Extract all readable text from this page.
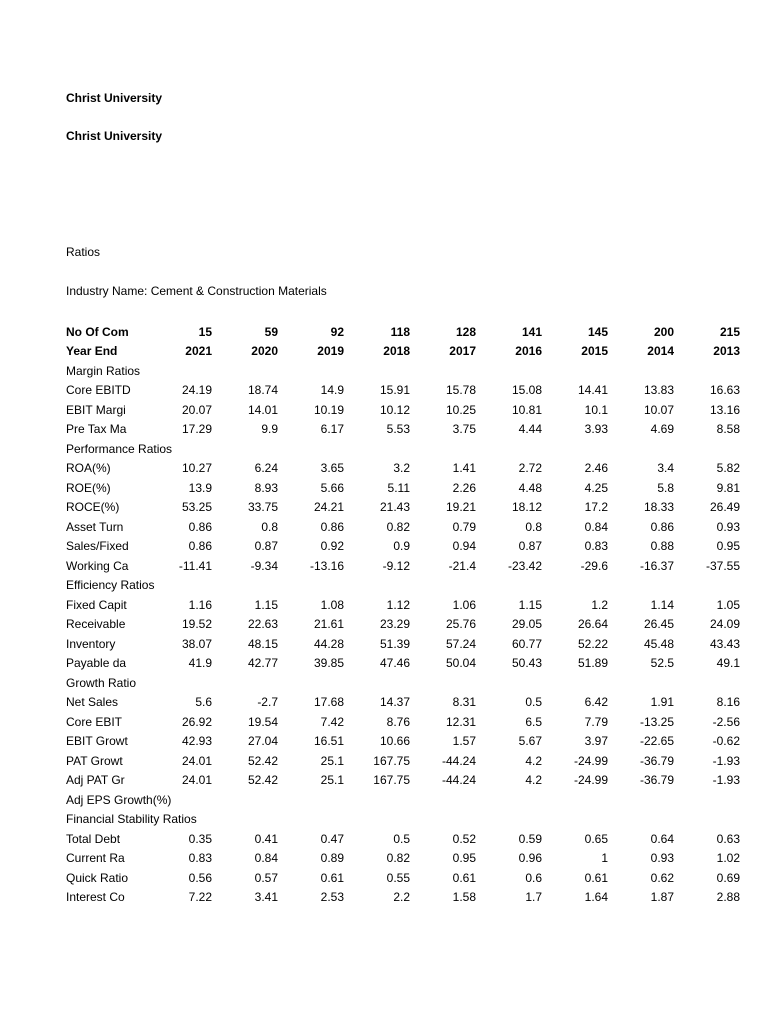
Christ University
Christ University
Ratios
Industry Name: Cement & Construction Materials
No Of Com	15	59	92	118	128	141	145	200	215
Year End	2021	2020	2019	2018	2017	2016	2015	2014	2013
Margin Ratios									
Core EBITD	24.19	18.74	14.9	15.91	15.78	15.08	14.41	13.83	16.63
EBIT Margi	20.07	14.01	10.19	10.12	10.25	10.81	10.1	10.07	13.16
Pre Tax Ma	17.29	9.9	6.17	5.53	3.75	4.44	3.93	4.69	8.58
Performance Ratios									
ROA(%)	10.27	6.24	3.65	3.2	1.41	2.72	2.46	3.4	5.82
ROE(%)	13.9	8.93	5.66	5.11	2.26	4.48	4.25	5.8	9.81
ROCE(%)	53.25	33.75	24.21	21.43	19.21	18.12	17.2	18.33	26.49
Asset Turn	0.86	0.8	0.86	0.82	0.79	0.8	0.84	0.86	0.93
Sales/Fixed	0.86	0.87	0.92	0.9	0.94	0.87	0.83	0.88	0.95
Working Ca	-11.41	-9.34	-13.16	-9.12	-21.4	-23.42	-29.6	-16.37	-37.55
Efficiency Ratios									
Fixed Capit	1.16	1.15	1.08	1.12	1.06	1.15	1.2	1.14	1.05
Receivable	19.52	22.63	21.61	23.29	25.76	29.05	26.64	26.45	24.09
Inventory	38.07	48.15	44.28	51.39	57.24	60.77	52.22	45.48	43.43
Payable da	41.9	42.77	39.85	47.46	50.04	50.43	51.89	52.5	49.1
Growth Ratio									
Net Sales	5.6	-2.7	17.68	14.37	8.31	0.5	6.42	1.91	8.16
Core EBIT	26.92	19.54	7.42	8.76	12.31	6.5	7.79	-13.25	-2.56
EBIT Growt	42.93	27.04	16.51	10.66	1.57	5.67	3.97	-22.65	-0.62
PAT Growt	24.01	52.42	25.1	167.75	-44.24	4.2	-24.99	-36.79	-1.93
Adj PAT Gr	24.01	52.42	25.1	167.75	-44.24	4.2	-24.99	-36.79	-1.93
Adj EPS Growth(%)									
Financial Stability Ratios									
Total Debt	0.35	0.41	0.47	0.5	0.52	0.59	0.65	0.64	0.63
Current Ra	0.83	0.84	0.89	0.82	0.95	0.96	1	0.93	1.02
Quick Ratio	0.56	0.57	0.61	0.55	0.61	0.6	0.61	0.62	0.69
Interest Co	7.22	3.41	2.53	2.2	1.58	1.7	1.64	1.87	2.88
